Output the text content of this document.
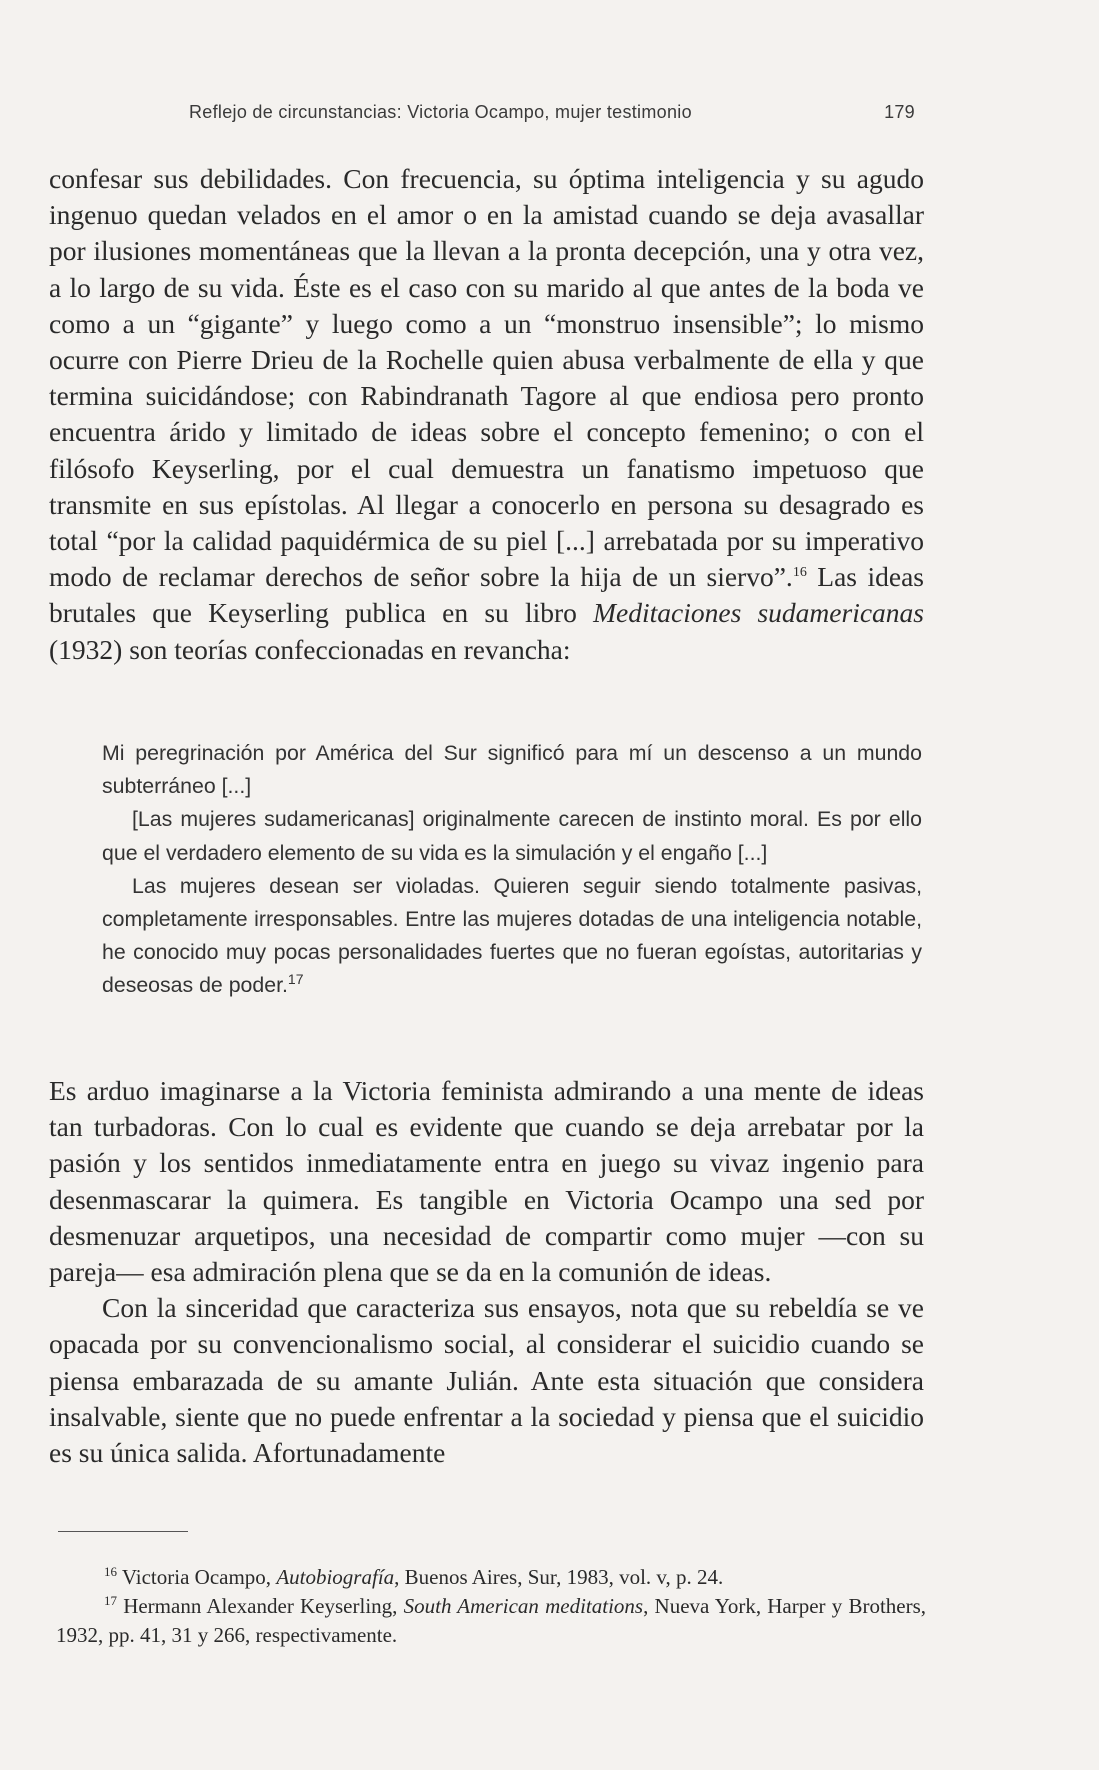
Reflejo de circunstancias: Victoria Ocampo, mujer testimonio	179

confesar sus debilidades. Con frecuencia, su óptima inteligencia y su agudo ingenuo quedan velados en el amor o en la amistad cuando se deja avasallar por ilusiones momentáneas que la llevan a la pronta decepción, una y otra vez, a lo largo de su vida. Éste es el caso con su marido al que antes de la boda ve como a un “gigante” y luego como a un “monstruo insensible”; lo mismo ocurre con Pierre Drieu de la Rochelle quien abusa verbalmente de ella y que termina suicidándose; con Rabindranath Tagore al que endiosa pero pronto encuentra árido y limitado de ideas sobre el concepto femenino; o con el filósofo Keyserling, por el cual demuestra un fanatismo impetuoso que transmite en sus epístolas. Al llegar a conocerlo en persona su desagrado es total “por la calidad paquidérmica de su piel [...] arrebatada por su imperativo modo de reclamar derechos de señor sobre la hija de un siervo”.$^{16}$ Las ideas brutales que Keyserling publica en su libro Meditaciones sudamericanas (1932) son teorías confeccionadas en revancha:

Mi peregrinación por América del Sur significó para mí un descenso a un mundo subterráneo [...]

[Las mujeres sudamericanas] originalmente carecen de instinto moral. Es por ello que el verdadero elemento de su vida es la simulación y el engaño [...]

Las mujeres desean ser violadas. Quieren seguir siendo totalmente pasivas, completamente irresponsables. Entre las mujeres dotadas de una inteligencia notable, he conocido muy pocas personalidades fuertes que no fueran egoístas, autoritarias y deseosas de poder.$^{17}$

Es arduo imaginarse a la Victoria feminista admirando a una mente de ideas tan turbadoras. Con lo cual es evidente que cuando se deja arrebatar por la pasión y los sentidos inmediatamente entra en juego su vivaz ingenio para desenmascarar la quimera. Es tangible en Victoria Ocampo una sed por desmenuzar arquetipos, una necesidad de compartir como mujer —con su pareja— esa admiración plena que se da en la comunión de ideas.

Con la sinceridad que caracteriza sus ensayos, nota que su rebeldía se ve opacada por su convencionalismo social, al considerar el suicidio cuando se piensa embarazada de su amante Julián. Ante esta situación que considera insalvable, siente que no puede enfrentar a la sociedad y piensa que el suicidio es su única salida. Afortunadamente

$^{16}$ Victoria Ocampo, Autobiografía, Buenos Aires, Sur, 1983, vol. v, p. 24.

$^{17}$ Hermann Alexander Keyserling, South American meditations, Nueva York, Harper y Brothers, 1932, pp. 41, 31 y 266, respectivamente.
